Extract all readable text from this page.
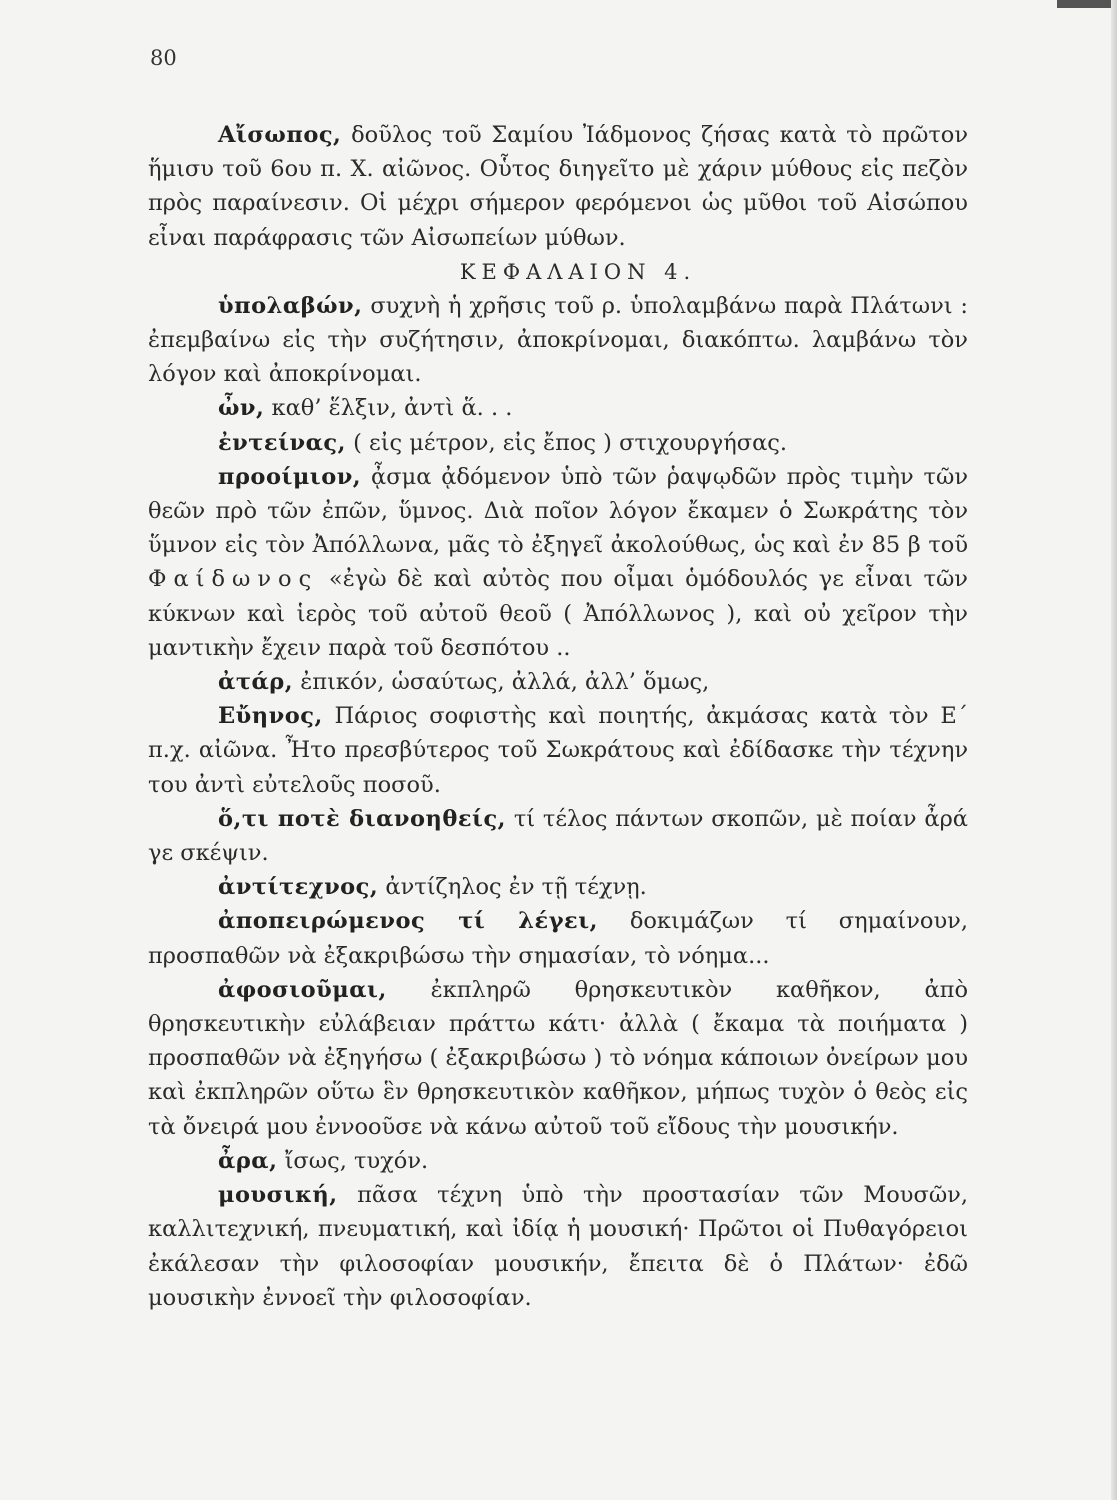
80

Αἴσωπος, δοῦλος τοῦ Σαμίου Ἰάδμονος ζήσας κατὰ τὸ πρῶτον ἥμισυ τοῦ 6ου π. Χ. αἰῶνος. Οὗτος διηγεῖτο μὲ χάριν μύθους εἰς πεζὸν πρὸς παραίνεσιν. Οἱ μέχρι σήμερον φερόμενοι ὡς μῦθοι τοῦ Αἰσώπου εἶναι παράφρασις τῶν Αἰσωπείων μύθων.

ΚΕΦΑΛΑΙΟΝ 4.

ὑπολαβών, συχνὴ ἡ χρῆσις τοῦ ρ. ὑπολαμβάνω παρὰ Πλάτωνι : ἐπεμβαίνω εἰς τὴν συζήτησιν, ἀποκρίνομαι, διακόπτω. λαμβάνω τὸν λόγον καὶ ἀποκρίνομαι.

ὦν, καθ’ ἕλξιν, ἀντὶ ἅ. . .

ἐντείνας, ( εἰς μέτρον, εἰς ἔπος ) στιχουργήσας.

προοίμιον, ᾆσμα ᾀδόμενον ὑπὸ τῶν ῥαψῳδῶν πρὸς τιμὴν τῶν θεῶν πρὸ τῶν ἐπῶν, ὕμνος. Διὰ ποῖον λόγον ἔκαμεν ὁ Σωκράτης τὸν ὕμνον εἰς τὸν Ἀπόλλωνα, μᾶς τὸ ἐξηγεῖ ἀκολούθως, ὡς καὶ ἐν 85 β τοῦ Φαίδωνος «ἐγὼ δὲ καὶ αὐτὸς που οἶμαι ὁμόδουλός γε εἶναι τῶν κύκνων καὶ ἱερὸς τοῦ αὐτοῦ θεοῦ ( Ἀπόλλωνος ), καὶ οὐ χεῖρον τὴν μαντικὴν ἔχειν παρὰ τοῦ δεσπότου ..

ἀτάρ, ἐπικόν, ὡσαύτως, ἀλλά, ἀλλ’ ὅμως,

Εὔηνος, Πάριος σοφιστὴς καὶ ποιητής, ἀκμάσας κατὰ τὸν Ε΄ π.χ. αἰῶνα. Ἦτο πρεσβύτερος τοῦ Σωκράτους καὶ ἐδίδασκε τὴν τέχνην του ἀντὶ εὐτελοῦς ποσοῦ.

ὅ,τι ποτὲ διανοηθείς, τί τέλος πάντων σκοπῶν, μὲ ποίαν ἆρά γε σκέψιν.

ἀντίτεχνος, ἀντίζηλος ἐν τῇ τέχνῃ.

ἀποπειρώμενος τί λέγει, δοκιμάζων τί σημαίνουν, προσπαθῶν νὰ ἐξακριβώσω τὴν σημασίαν, τὸ νόημα...

ἀφοσιοῦμαι, ἐκπληρῶ θρησκευτικὸν καθῆκον, ἀπὸ θρησκευτικὴν εὐλάβειαν πράττω κάτι· ἀλλὰ ( ἔκαμα τὰ ποιήματα ) προσπαθῶν νὰ ἐξηγήσω ( ἐξακριβώσω ) τὸ νόημα κάποιων ὀνείρων μου καὶ ἐκπληρῶν οὕτω ἓν θρησκευτικὸν καθῆκον, μήπως τυχὸν ὁ θεὸς εἰς τὰ ὄνειρά μου ἐννοοῦσε νὰ κάνω αὐτοῦ τοῦ εἴδους τὴν μουσικήν.

ἆρα, ἴσως, τυχόν.

μουσική, πᾶσα τέχνη ὑπὸ τὴν προστασίαν τῶν Μουσῶν, καλλιτεχνική, πνευματική, καὶ ἰδίᾳ ἡ μουσική· Πρῶτοι οἱ Πυθαγόρειοι ἐκάλεσαν τὴν φιλοσοφίαν μουσικήν, ἔπειτα δὲ ὁ Πλάτων· ἐδῶ μουσικὴν ἐννοεῖ τὴν φιλοσοφίαν.
